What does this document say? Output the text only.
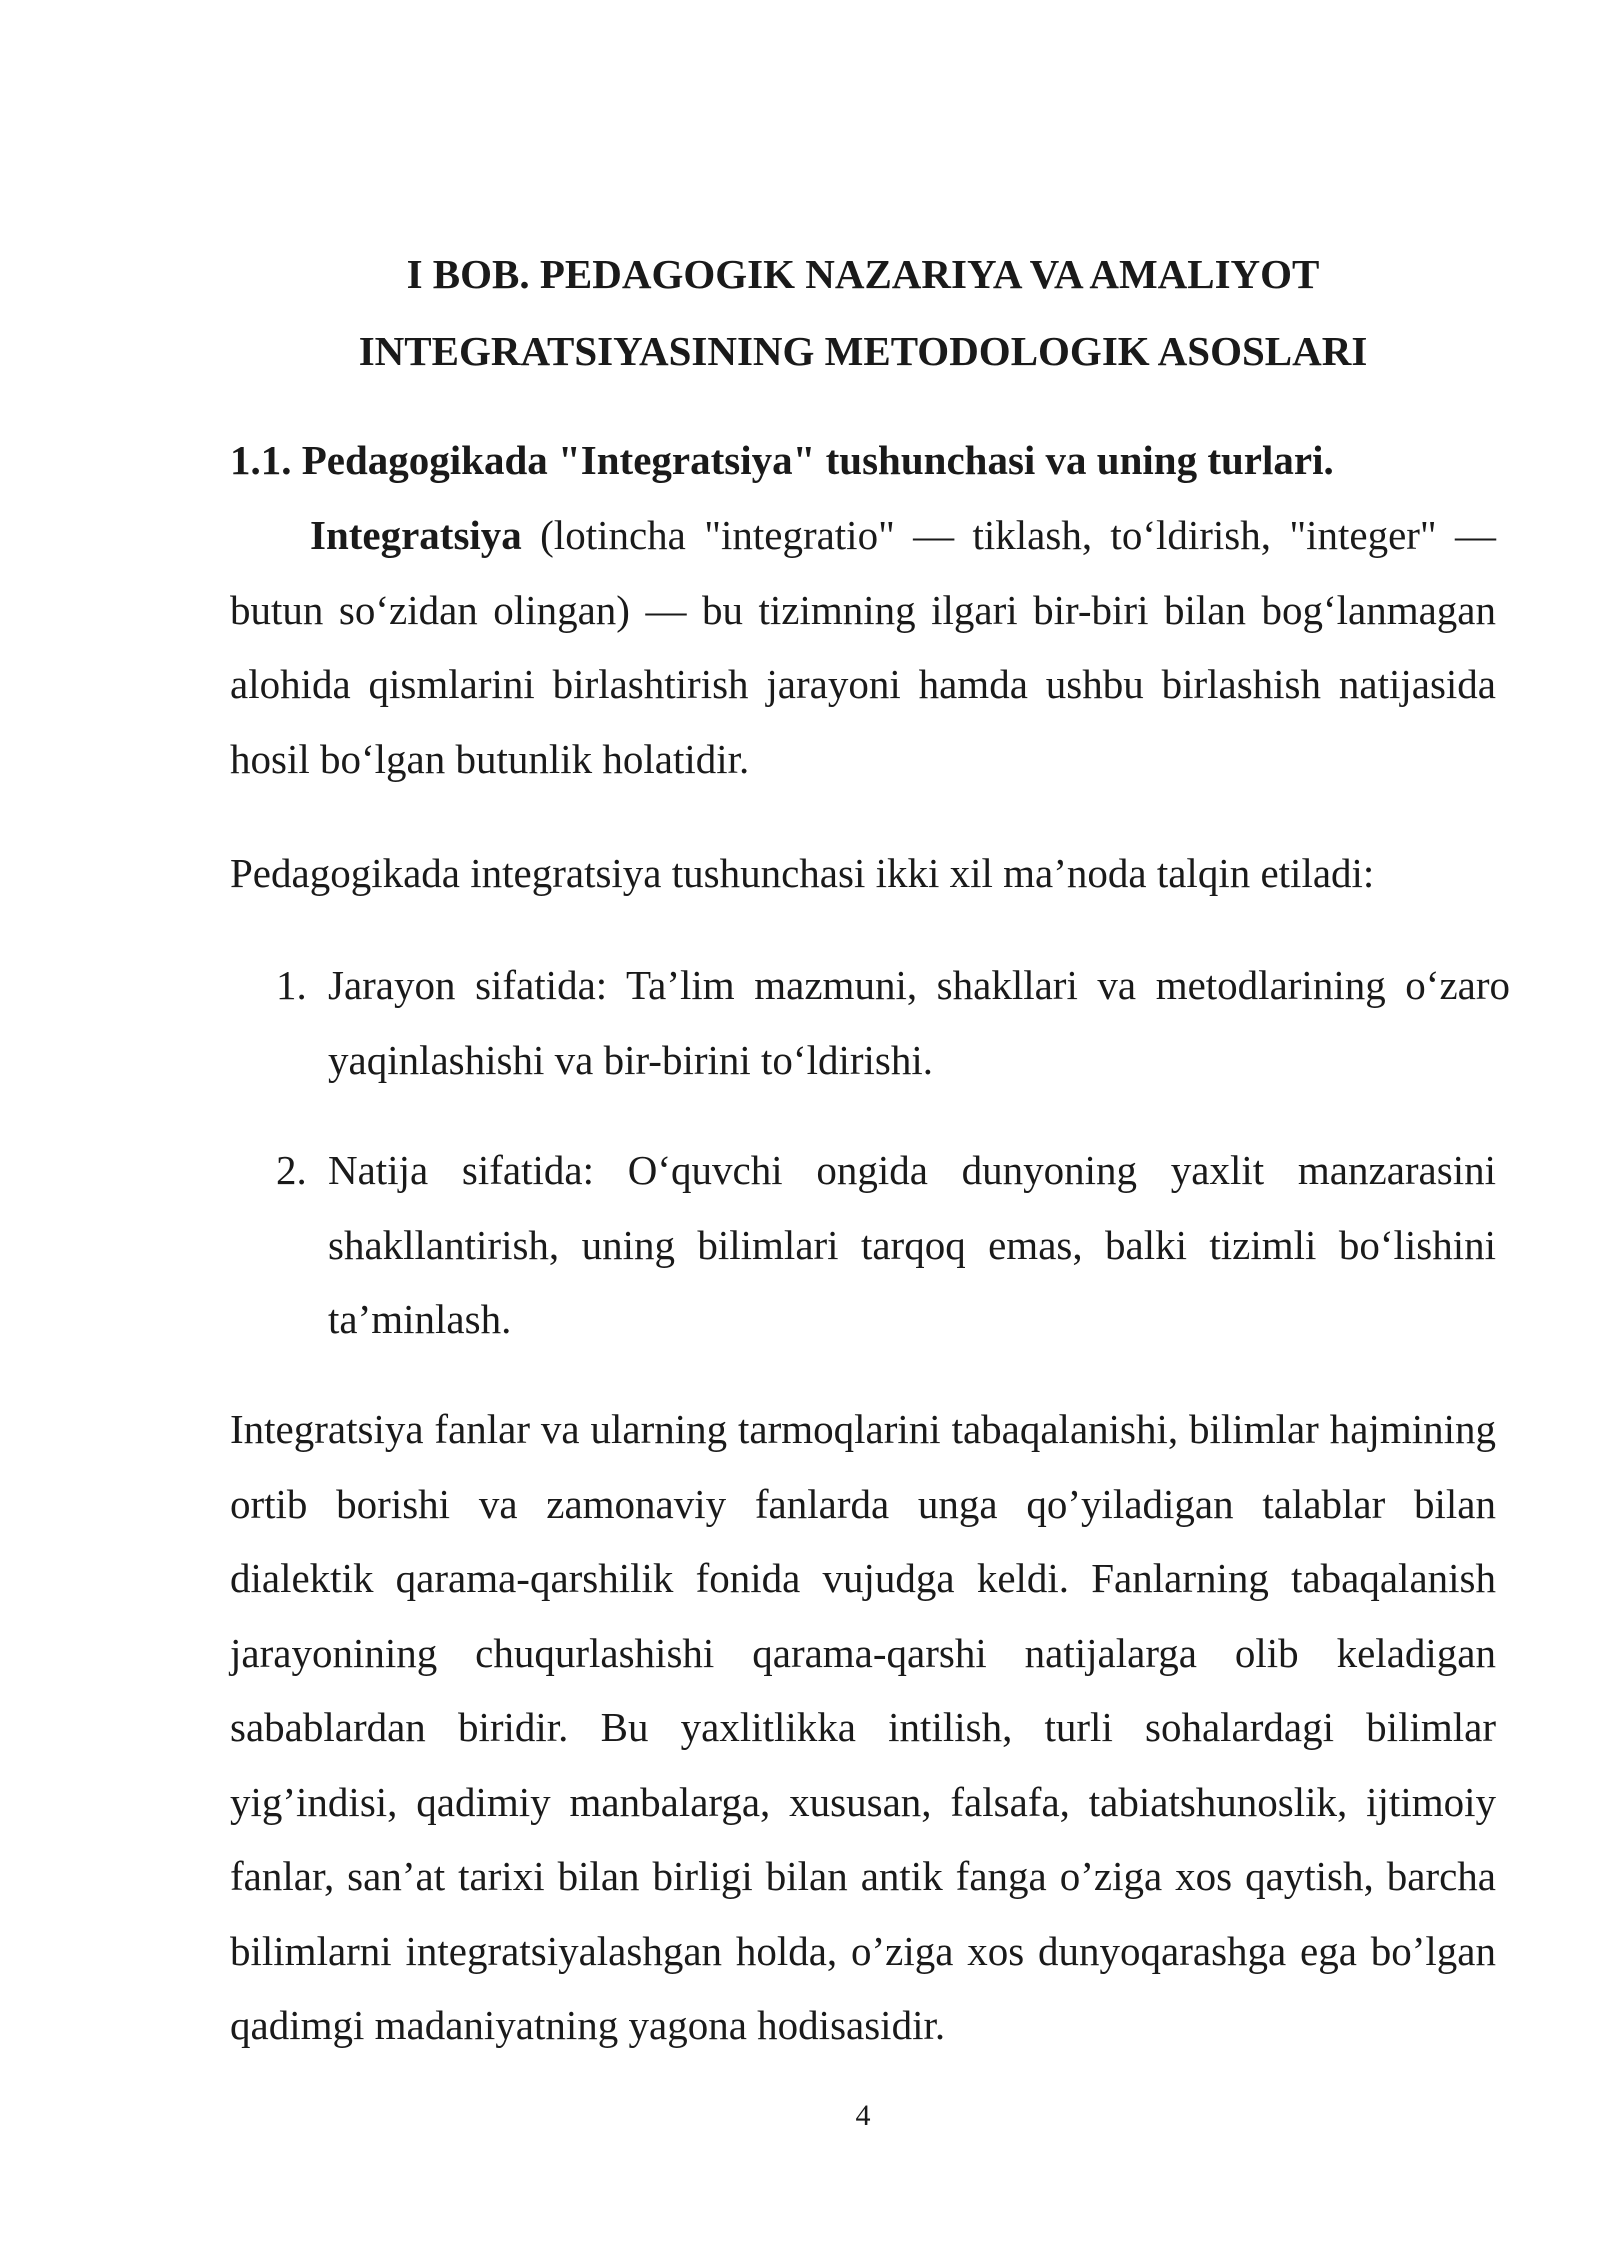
I BOB. PEDAGOGIK NAZARIYA VA AMALIYOT
INTEGRATSIYASINING METODOLOGIK ASOSLARI
1.1. Pedagogikada "Integratsiya" tushunchasi va uning turlari.

Integratsiya (lotincha "integratio" — tiklash, to‘ldirish, "integer" — butun so‘zidan olingan) — bu tizimning ilgari bir-biri bilan bog‘lanmagan alohida qismlarini birlashtirish jarayoni hamda ushbu birlashish natijasida hosil bo‘lgan butunlik holatidir.

Pedagogikada integratsiya tushunchasi ikki xil ma’noda talqin etiladi:

1. Jarayon sifatida: Ta’lim mazmuni, shakllari va metodlarining o‘zaro yaqinlashishi va bir-birini to‘ldirishi.
2. Natija sifatida: O‘quvchi ongida dunyoning yaxlit manzarasini shakllantirish, uning bilimlari tarqoq emas, balki tizimli bo‘lishini ta’minlash.

Integratsiya fanlar va ularning tarmoqlarini tabaqalanishi, bilimlar hajmining ortib borishi va zamonaviy fanlarda unga qo’yiladigan talablar bilan dialektik qarama-qarshilik fonida vujudga keldi. Fanlarning tabaqalanish jarayonining chuqurlashishi qarama-qarshi natijalarga olib keladigan sabablardan biridir. Bu yaxlitlikka intilish, turli sohalardagi bilimlar yig’indisi, qadimiy manbalarga, xususan, falsafa, tabiatshunoslik, ijtimoiy fanlar, san’at tarixi bilan birligi bilan antik fanga o’ziga xos qaytish, barcha bilimlarni integratsiyalashgan holda, o’ziga xos dunyoqarashga ega bo’lgan qadimgi madaniyatning yagona hodisasidir.

4
